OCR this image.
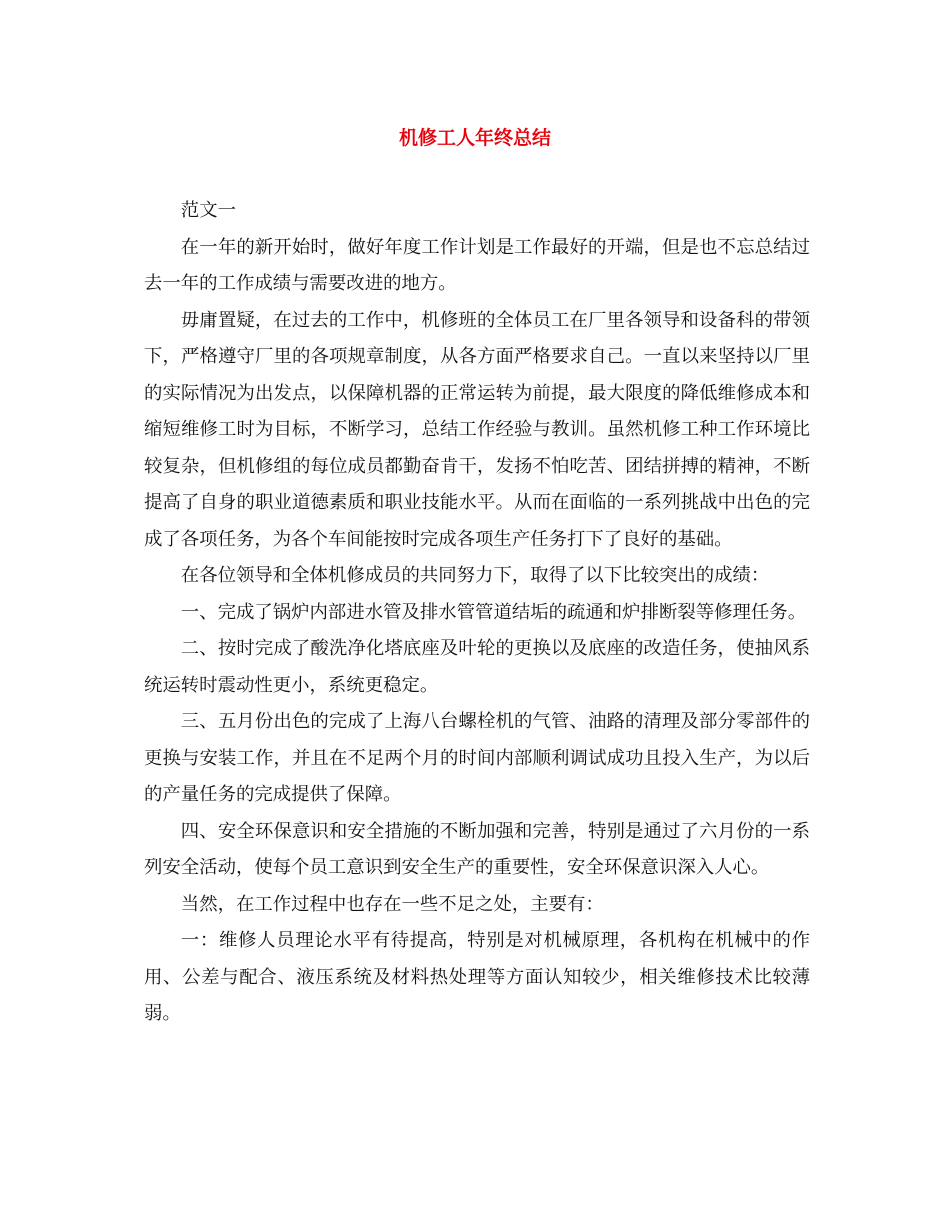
机修工人年终总结

范文一

在一年的新开始时，做好年度工作计划是工作最好的开端，但是也不忘总结过去一年的工作成绩与需要改进的地方。

毋庸置疑，在过去的工作中，机修班的全体员工在厂里各领导和设备科的带领下，严格遵守厂里的各项规章制度，从各方面严格要求自己。一直以来坚持以厂里的实际情况为出发点，以保障机器的正常运转为前提，最大限度的降低维修成本和缩短维修工时为目标，不断学习，总结工作经验与教训。虽然机修工种工作环境比较复杂，但机修组的每位成员都勤奋肯干，发扬不怕吃苦、团结拼搏的精神，不断提高了自身的职业道德素质和职业技能水平。从而在面临的一系列挑战中出色的完成了各项任务，为各个车间能按时完成各项生产任务打下了良好的基础。

在各位领导和全体机修成员的共同努力下，取得了以下比较突出的成绩：

一、完成了锅炉内部进水管及排水管管道结垢的疏通和炉排断裂等修理任务。

二、按时完成了酸洗净化塔底座及叶轮的更换以及底座的改造任务，使抽风系统运转时震动性更小，系统更稳定。

三、五月份出色的完成了上海八台螺栓机的气管、油路的清理及部分零部件的更换与安装工作，并且在不足两个月的时间内部顺利调试成功且投入生产，为以后的产量任务的完成提供了保障。

四、安全环保意识和安全措施的不断加强和完善，特别是通过了六月份的一系列安全活动，使每个员工意识到安全生产的重要性，安全环保意识深入人心。

当然，在工作过程中也存在一些不足之处，主要有：

一：维修人员理论水平有待提高，特别是对机械原理，各机构在机械中的作用、公差与配合、液压系统及材料热处理等方面认知较少，相关维修技术比较薄弱。
